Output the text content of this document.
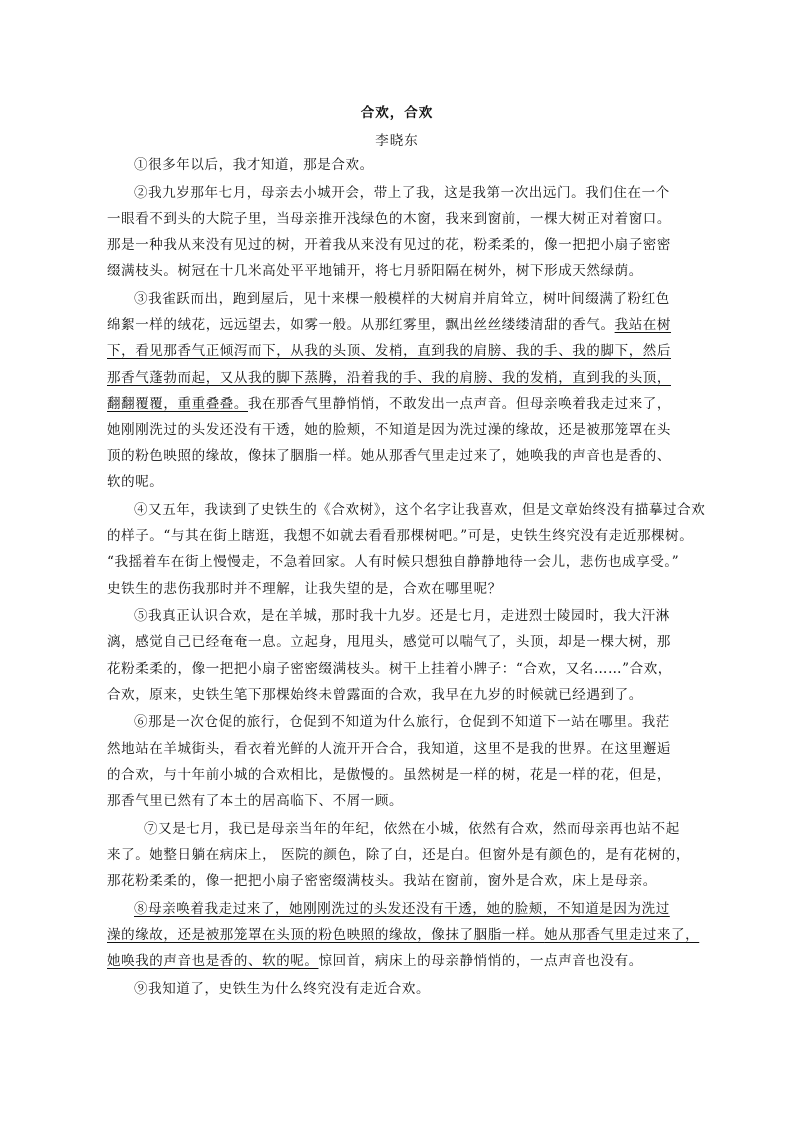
合欢，合欢
李晓东
①很多年以后，我才知道，那是合欢。
②我九岁那年七月，母亲去小城开会，带上了我，这是我第一次出远门。我们住在一个
一眼看不到头的大院子里，当母亲推开浅绿色的木窗，我来到窗前，一棵大树正对着窗口。
那是一种我从来没有见过的树，开着我从来没有见过的花，粉柔柔的，像一把把小扇子密密
缀满枝头。树冠在十几米高处平平地铺开，将七月骄阳隔在树外，树下形成天然绿荫。
③我雀跃而出，跑到屋后，见十来棵一般模样的大树肩并肩耸立，树叶间缀满了粉红色
绵絮一样的绒花，远远望去，如雾一般。从那红雾里，飘出丝丝缕缕清甜的香气。我站在树
下，看见那香气正倾泻而下，从我的头顶、发梢，直到我的肩膀、我的手、我的脚下，然后
那香气蓬勃而起，又从我的脚下蒸腾，沿着我的手、我的肩膀、我的发梢，直到我的头顶，
翻翻覆覆，重重叠叠。我在那香气里静悄悄，不敢发出一点声音。但母亲唤着我走过来了，
她刚刚洗过的头发还没有干透，她的脸颊，不知道是因为洗过澡的缘故，还是被那笼罩在头
顶的粉色映照的缘故，像抹了胭脂一样。她从那香气里走过来了，她唤我的声音也是香的、
软的呢。
④又五年，我读到了史铁生的《合欢树》，这个名字让我喜欢，但是文章始终没有描摹过合欢
的样子。“与其在街上瞎逛，我想不如就去看看那棵树吧。”可是，史铁生终究没有走近那棵树。
“我摇着车在街上慢慢走，不急着回家。人有时候只想独自静静地待一会儿，悲伤也成享受。”
史铁生的悲伤我那时并不理解，让我失望的是，合欢在哪里呢？
⑤我真正认识合欢，是在羊城，那时我十九岁。还是七月，走进烈士陵园时，我大汗淋
漓，感觉自己已经奄奄一息。立起身，甩甩头，感觉可以喘气了，头顶，却是一棵大树，那
花粉柔柔的，像一把把小扇子密密缀满枝头。树干上挂着小牌子：“合欢，又名……”合欢，
合欢，原来，史铁生笔下那棵始终未曾露面的合欢，我早在九岁的时候就已经遇到了。
⑥那是一次仓促的旅行，仓促到不知道为什么旅行，仓促到不知道下一站在哪里。我茫
然地站在羊城街头，看衣着光鲜的人流开开合合，我知道，这里不是我的世界。在这里邂逅
的合欢，与十年前小城的合欢相比，是傲慢的。虽然树是一样的树，花是一样的花，但是，
那香气里已然有了本土的居高临下、不屑一顾。
⑦又是七月，我已是母亲当年的年纪，依然在小城，依然有合欢，然而母亲再也站不起
来了。她整日躺在病床上， 医院的颜色，除了白，还是白。但窗外是有颜色的，是有花树的，
那花粉柔柔的，像一把把小扇子密密缀满枝头。我站在窗前，窗外是合欢，床上是母亲。
⑧母亲唤着我走过来了，她刚刚洗过的头发还没有干透，她的脸颊，不知道是因为洗过
澡的缘故，还是被那笼罩在头顶的粉色映照的缘故，像抹了胭脂一样。她从那香气里走过来了，
她唤我的声音也是香的、软的呢。惊回首，病床上的母亲静悄悄的，一点声音也没有。
⑨我知道了，史铁生为什么终究没有走近合欢。
